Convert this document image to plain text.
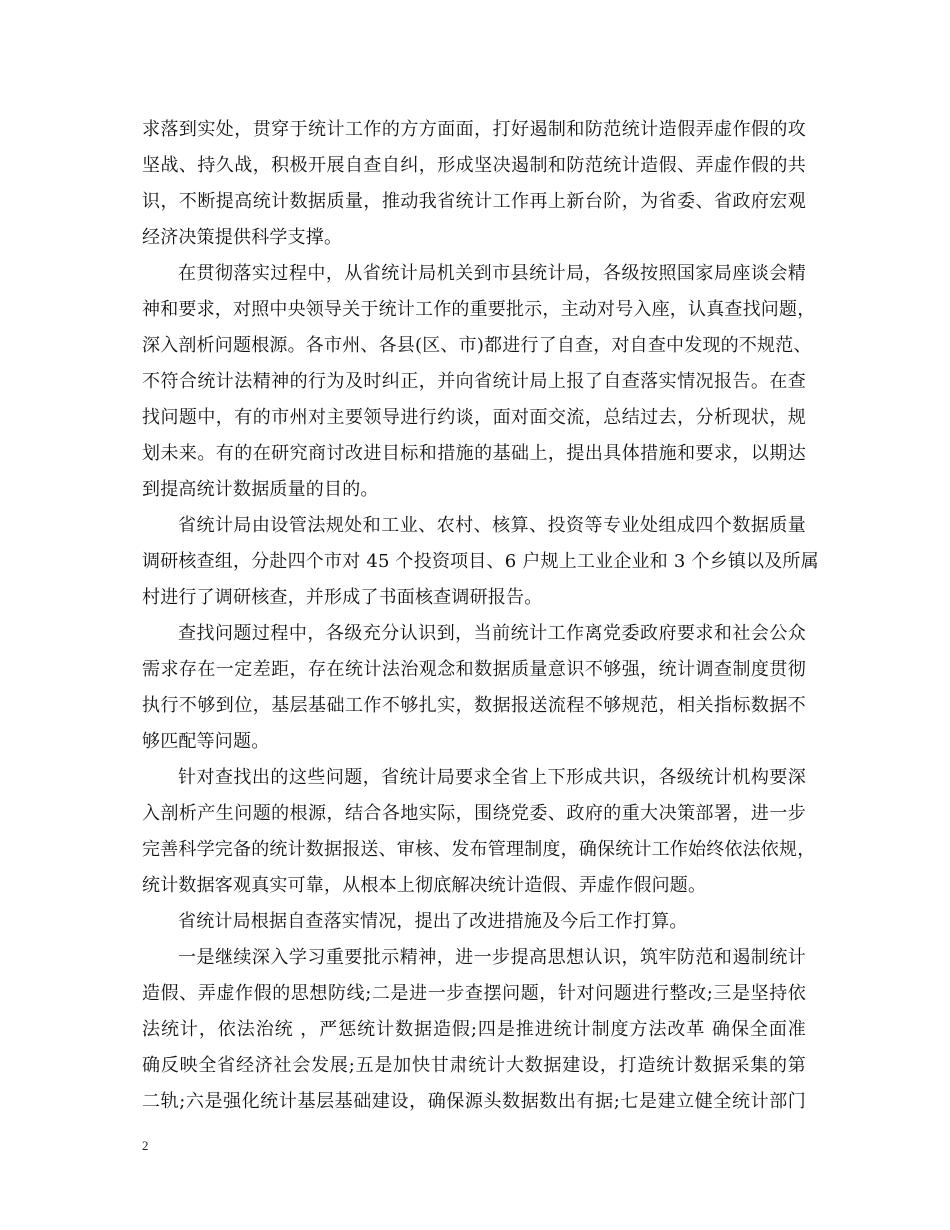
求落到实处，贯穿于统计工作的方方面面，打好遏制和防范统计造假弄虚作假的攻
坚战、持久战，积极开展自查自纠，形成坚决遏制和防范统计造假、弄虚作假的共
识，不断提高统计数据质量，推动我省统计工作再上新台阶，为省委、省政府宏观
经济决策提供科学支撑。
在贯彻落实过程中，从省统计局机关到市县统计局，各级按照国家局座谈会精
神和要求，对照中央领导关于统计工作的重要批示，主动对号入座，认真查找问题，
深入剖析问题根源。各市州、各县(区、市)都进行了自查，对自查中发现的不规范、
不符合统计法精神的行为及时纠正，并向省统计局上报了自查落实情况报告。在查
找问题中，有的市州对主要领导进行约谈，面对面交流，总结过去，分析现状，规
划未来。有的在研究商讨改进目标和措施的基础上，提出具体措施和要求，以期达
到提高统计数据质量的目的。
省统计局由设管法规处和工业、农村、核算、投资等专业处组成四个数据质量
调研核查组，分赴四个市对 45 个投资项目、6 户规上工业企业和 3 个乡镇以及所属
村进行了调研核查，并形成了书面核查调研报告。
查找问题过程中，各级充分认识到，当前统计工作离党委政府要求和社会公众
需求存在一定差距，存在统计法治观念和数据质量意识不够强，统计调查制度贯彻
执行不够到位，基层基础工作不够扎实，数据报送流程不够规范，相关指标数据不
够匹配等问题。
针对查找出的这些问题，省统计局要求全省上下形成共识，各级统计机构要深
入剖析产生问题的根源，结合各地实际，围绕党委、政府的重大决策部署，进一步
完善科学完备的统计数据报送、审核、发布管理制度，确保统计工作始终依法依规，
统计数据客观真实可靠，从根本上彻底解决统计造假、弄虚作假问题。
省统计局根据自查落实情况，提出了改进措施及今后工作打算。
一是继续深入学习重要批示精神，进一步提高思想认识，筑牢防范和遏制统计
造假、弄虚作假的思想防线;二是进一步查摆问题，针对问题进行整改;三是坚持依
法统计，依法治统 ，严惩统计数据造假;四是推进统计制度方法改革 确保全面准
确反映全省经济社会发展;五是加快甘肃统计大数据建设，打造统计数据采集的第
二轨;六是强化统计基层基础建设，确保源头数据数出有据;七是建立健全统计部门
2
